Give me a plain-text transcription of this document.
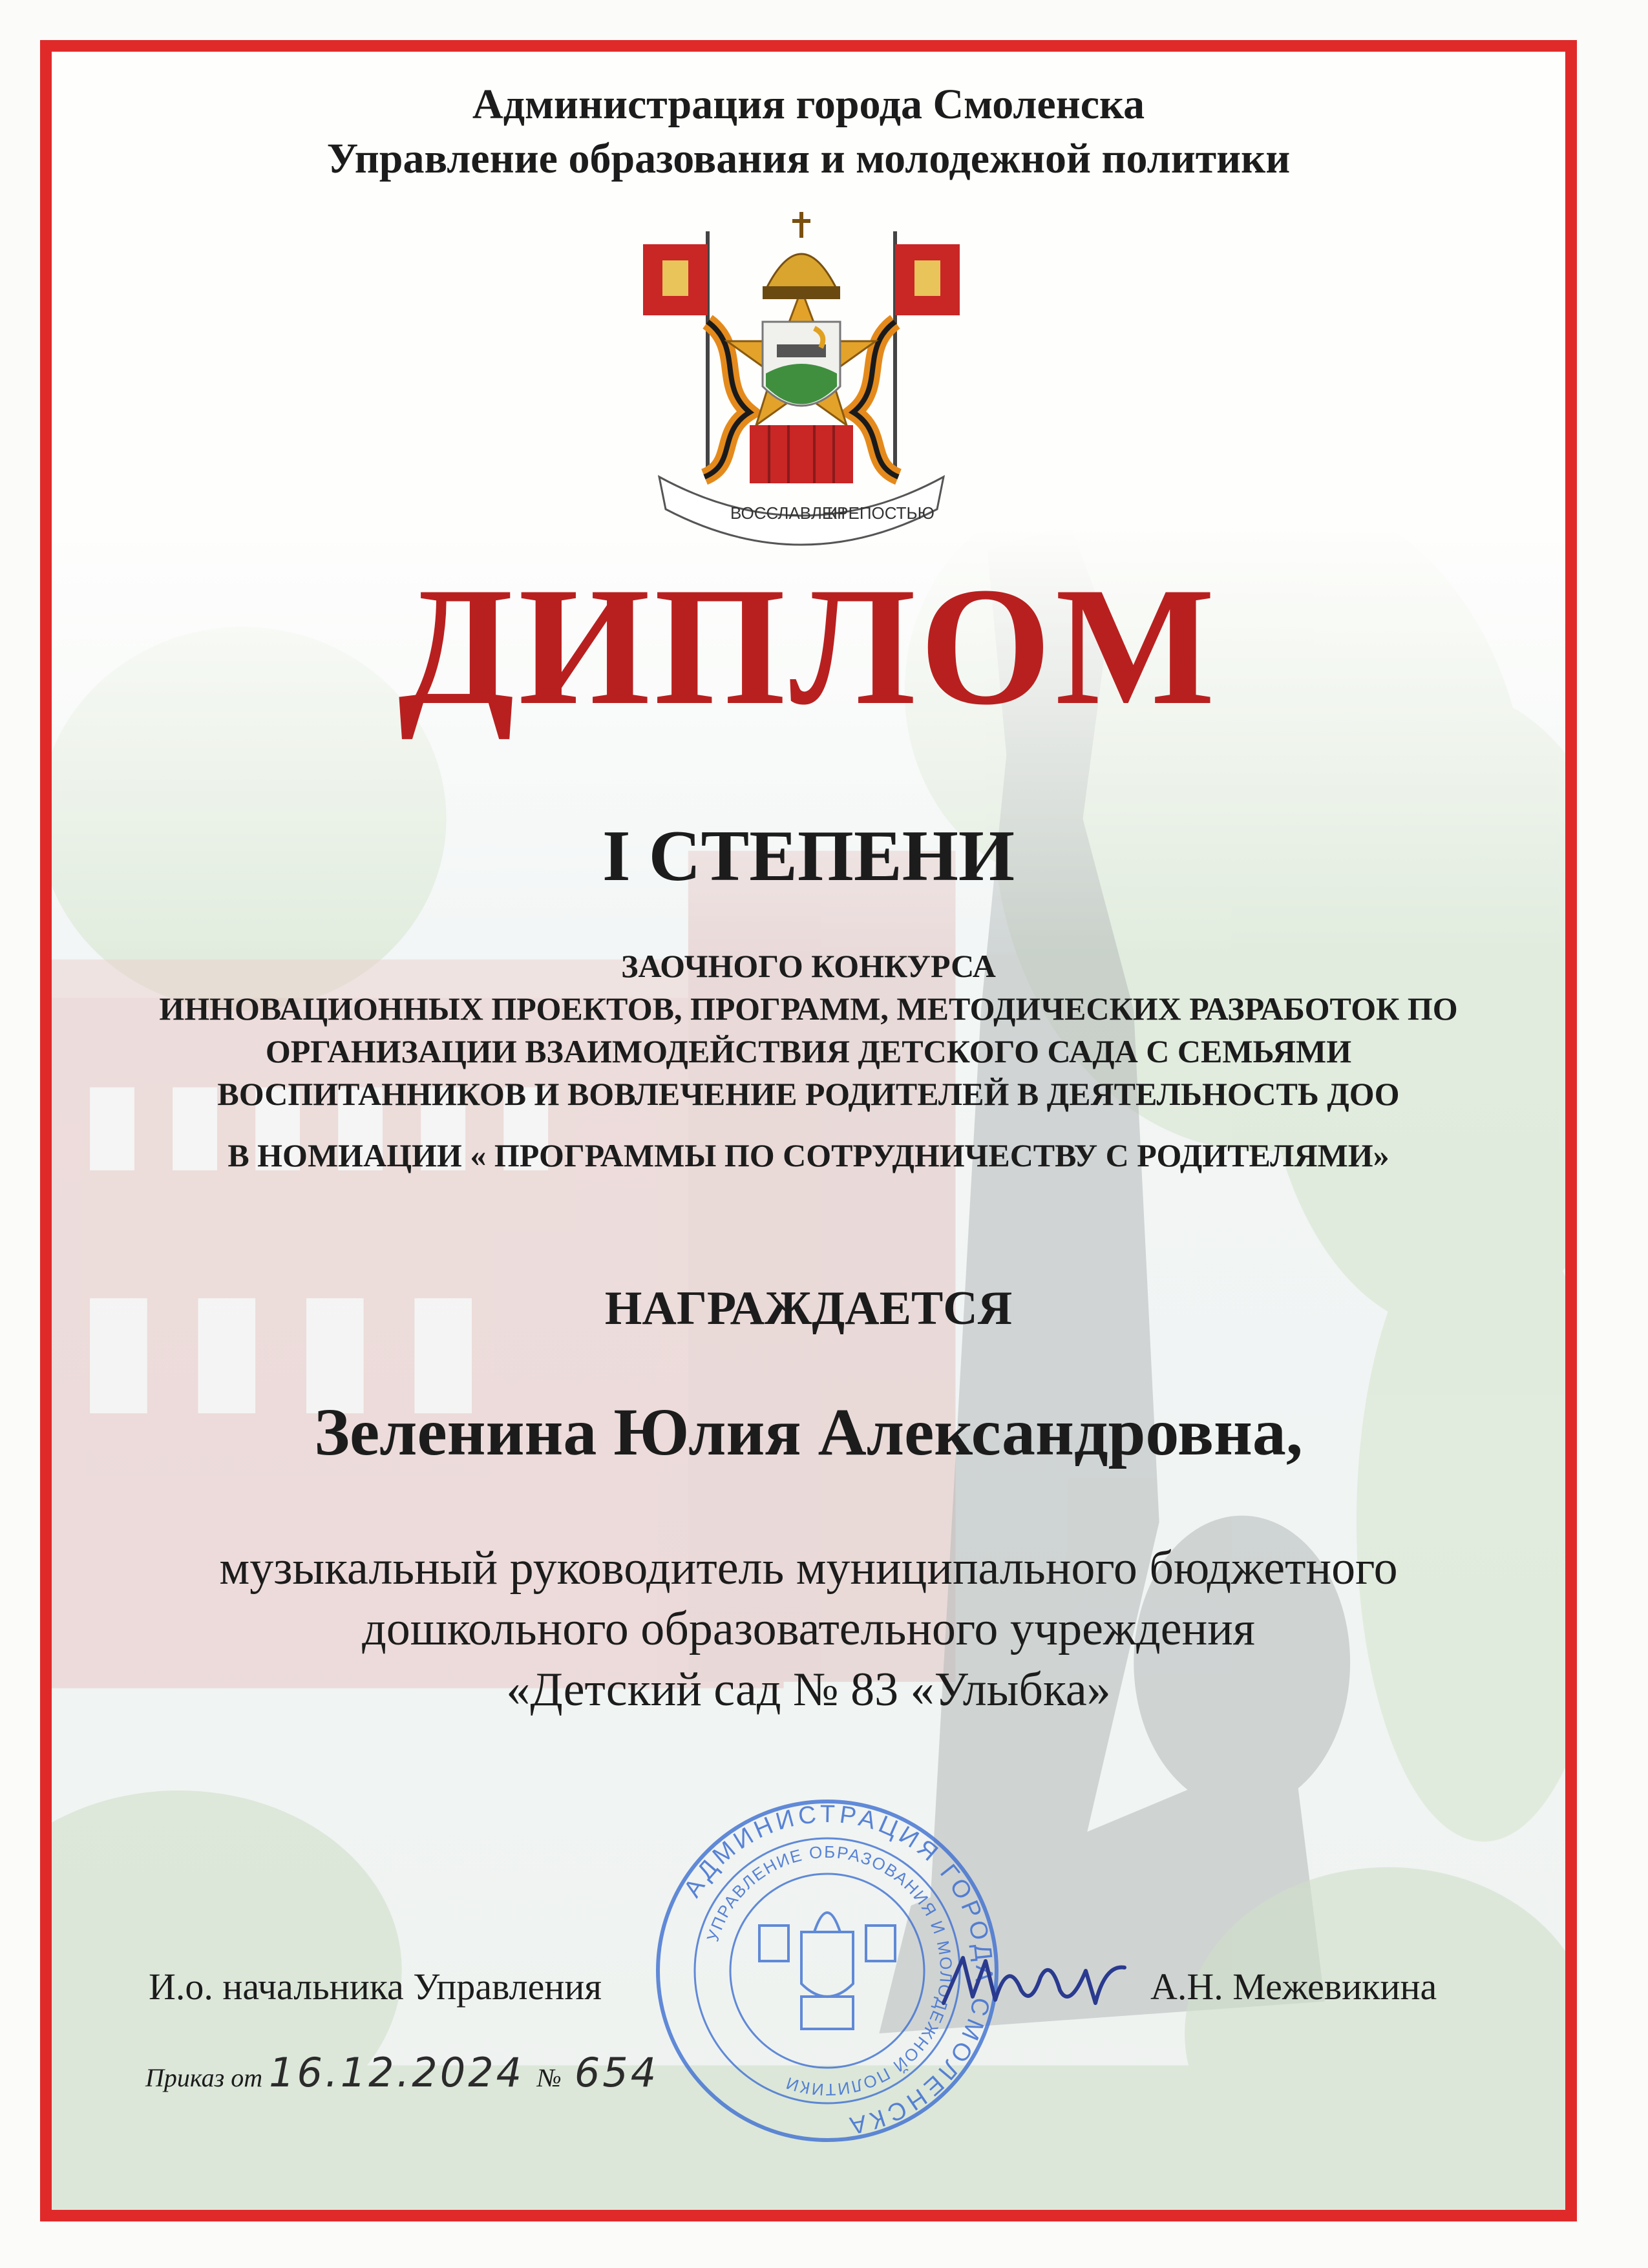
Администрация города Смоленска
Управление образования и молодежной политики
ВОССЛАВЛЕН
КРЕПОСТЬЮ
ДИПЛОМ
I СТЕПЕНИ
ЗАОЧНОГО КОНКУРСА
ИННОВАЦИОННЫХ ПРОЕКТОВ, ПРОГРАММ, МЕТОДИЧЕСКИХ РАЗРАБОТОК ПО
ОРГАНИЗАЦИИ ВЗАИМОДЕЙСТВИЯ ДЕТСКОГО САДА С СЕМЬЯМИ
ВОСПИТАННИКОВ И ВОВЛЕЧЕНИЕ РОДИТЕЛЕЙ В ДЕЯТЕЛЬНОСТЬ ДОО
В НОМИАЦИИ « ПРОГРАММЫ ПО СОТРУДНИЧЕСТВУ С РОДИТЕЛЯМИ»
НАГРАЖДАЕТСЯ
Зеленина Юлия Александровна,
музыкальный руководитель муниципального бюджетного
дошкольного образовательного учреждения
«Детский сад № 83 «Улыбка»
АДМИНИСТРАЦИЯ ГОРОДА СМОЛЕНСКА
УПРАВЛЕНИЕ ОБРАЗОВАНИЯ И МОЛОДЕЖНОЙ ПОЛИТИКИ
И.о. начальника Управления	А.Н. Межевикина
Приказ от 16.12.2024 № 654
